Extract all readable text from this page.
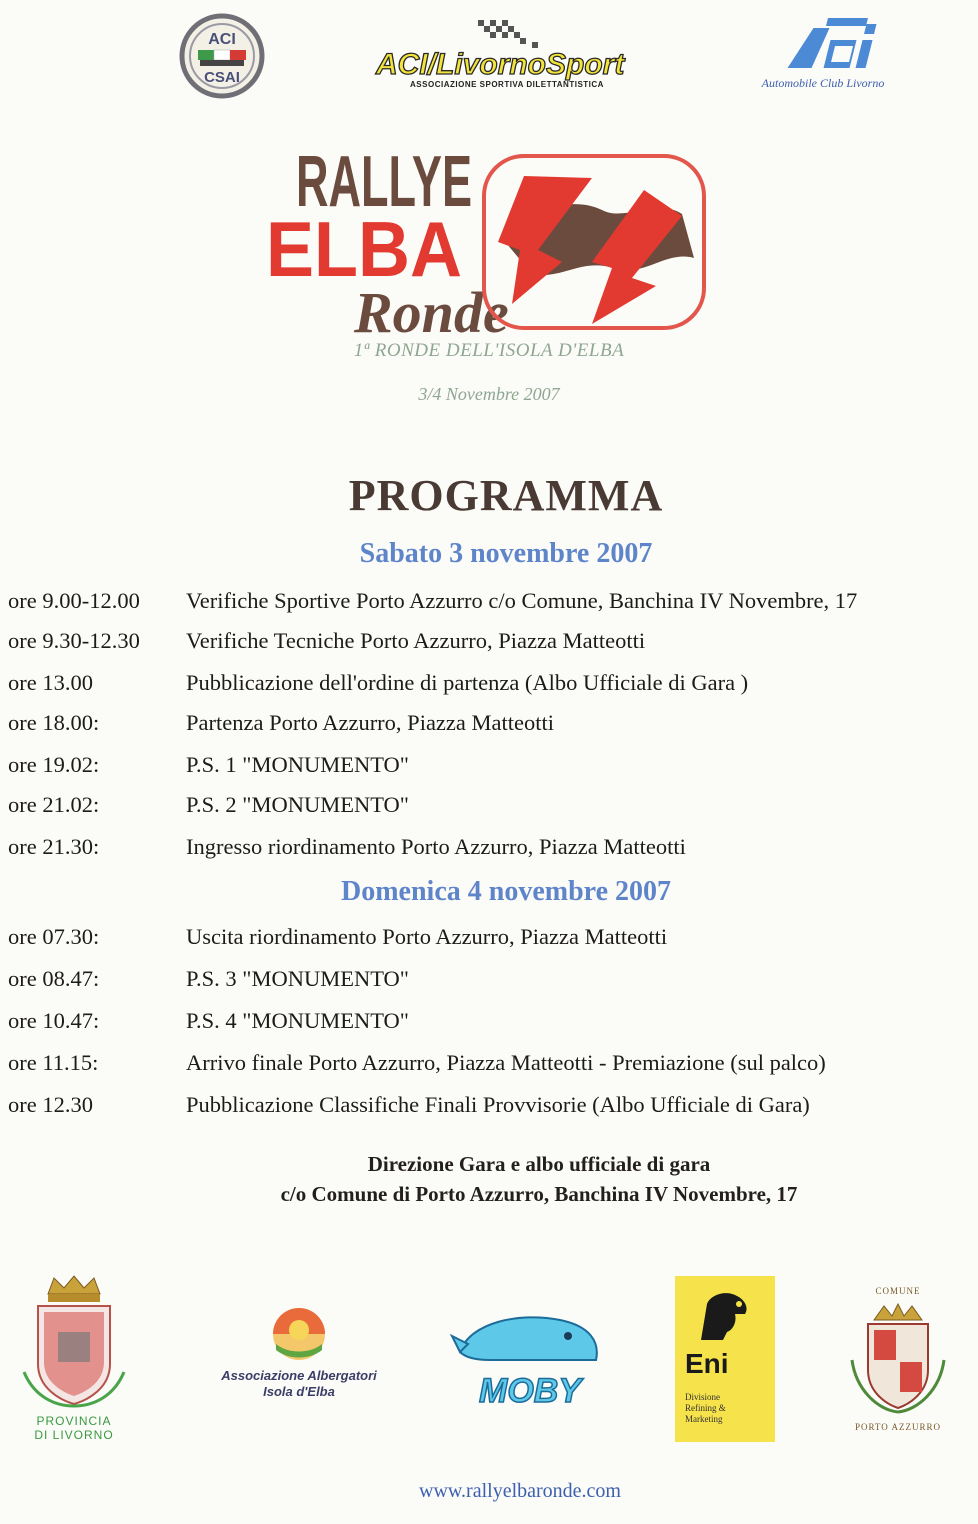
ACI
CSAI	ACI/LivornoSport
ASSOCIAZIONE SPORTIVA DILETTANTISTICA	Automobile Club Livorno
RALLYE
ELBA
Ronde
1ª RONDE DELL'ISOLA D'ELBA
3/4 Novembre 2007
PROGRAMMA
Sabato 3 novembre 2007
ore 9.00-12.00 Verifiche Sportive Porto Azzurro c/o Comune, Banchina IV Novembre, 17
ore 9.30-12.30 Verifiche Tecniche Porto Azzurro, Piazza Matteotti
ore 13.00	Pubblicazione dell'ordine di partenza (Albo Ufficiale di Gara )
ore 18.00:	Partenza Porto Azzurro, Piazza Matteotti
ore 19.02:	P.S. 1 "MONUMENTO"
ore 21.02:	P.S. 2 "MONUMENTO"
ore 21.30:	Ingresso riordinamento Porto Azzurro, Piazza Matteotti
Domenica 4 novembre 2007
ore 07.30:	Uscita riordinamento Porto Azzurro, Piazza Matteotti
ore 08.47:	P.S. 3 "MONUMENTO"
ore 10.47:	P.S. 4 "MONUMENTO"
ore 11.15:	Arrivo finale Porto Azzurro, Piazza Matteotti - Premiazione (sul palco)
ore 12.30	Pubblicazione Classifiche Finali Provvisorie (Albo Ufficiale di Gara)
Direzione Gara e albo ufficiale di gara
c/o Comune di Porto Azzurro, Banchina IV Novembre, 17
PROVINCIA
DI LIVORNO
Associazione Albergatori
Isola d'Elba	MOBY
Eni
Divisione
Refining &
Marketing
COMUNE
PORTO AZZURRO
www.rallyelbaronde.com
